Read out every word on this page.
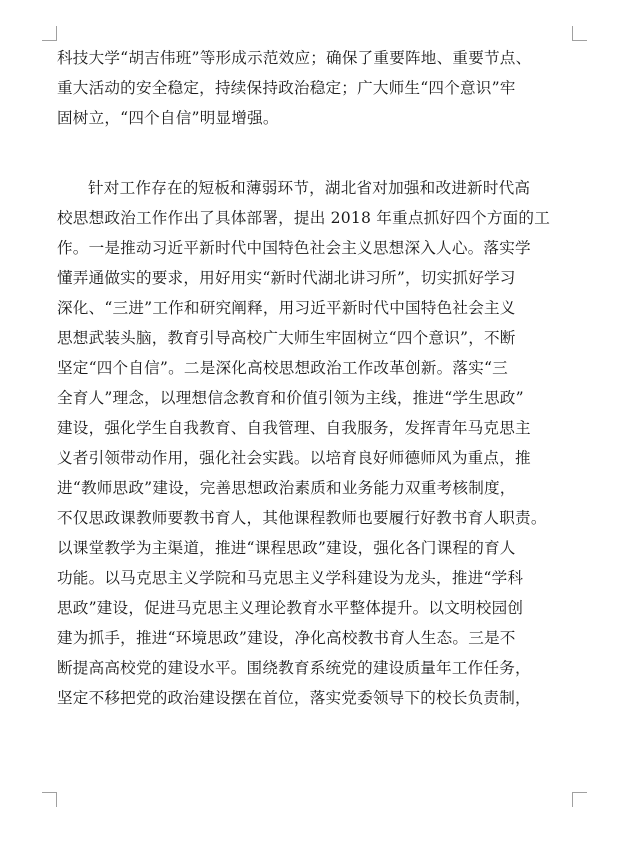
科技大学“胡吉伟班”等形成示范效应；确保了重要阵地、重要节点、
重大活动的安全稳定，持续保持政治稳定；广大师生“四个意识”牢
固树立，“四个自信”明显增强。
针对工作存在的短板和薄弱环节，湖北省对加强和改进新时代高
校思想政治工作作出了具体部署，提出 2018 年重点抓好四个方面的工
作。一是推动习近平新时代中国特色社会主义思想深入人心。落实学
懂弄通做实的要求，用好用实“新时代湖北讲习所”，切实抓好学习
深化、“三进”工作和研究阐释，用习近平新时代中国特色社会主义
思想武装头脑，教育引导高校广大师生牢固树立“四个意识”，不断
坚定“四个自信”。二是深化高校思想政治工作改革创新。落实“三
全育人”理念，以理想信念教育和价值引领为主线，推进“学生思政”
建设，强化学生自我教育、自我管理、自我服务，发挥青年马克思主
义者引领带动作用，强化社会实践。以培育良好师德师风为重点，推
进“教师思政”建设，完善思想政治素质和业务能力双重考核制度，
不仅思政课教师要教书育人，其他课程教师也要履行好教书育人职责。
以课堂教学为主渠道，推进“课程思政”建设，强化各门课程的育人
功能。以马克思主义学院和马克思主义学科建设为龙头，推进“学科
思政”建设，促进马克思主义理论教育水平整体提升。以文明校园创
建为抓手，推进“环境思政”建设，净化高校教书育人生态。三是不
断提高高校党的建设水平。围绕教育系统党的建设质量年工作任务，
坚定不移把党的政治建设摆在首位，落实党委领导下的校长负责制，
